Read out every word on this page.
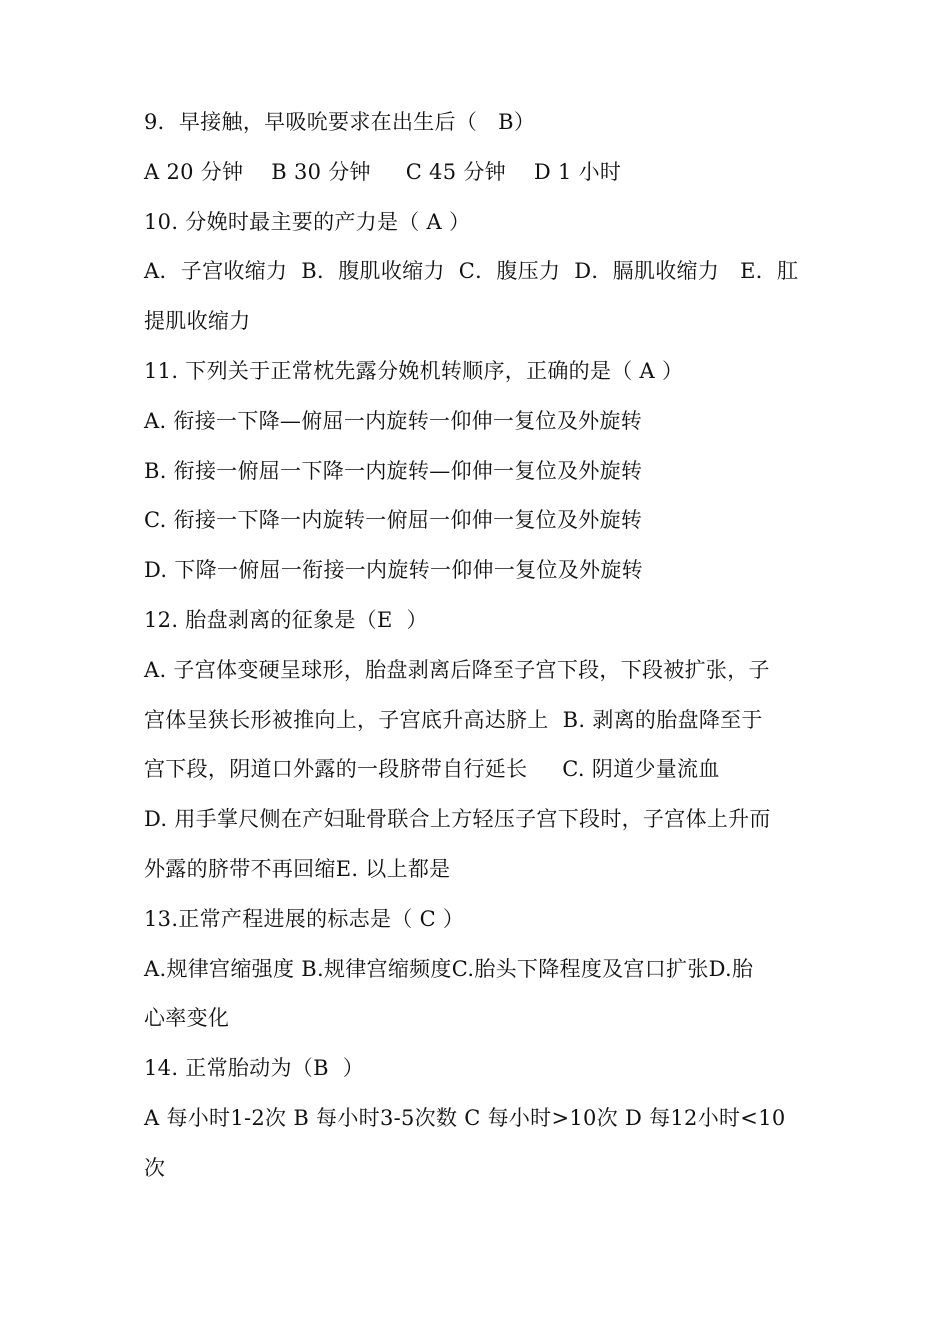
9．早接触，早吸吮要求在出生后（   B）
A 20 分钟    B 30 分钟     C 45 分钟    D 1 小时
10. 分娩时最主要的产力是（ A ）
A．子宫收缩力  B．腹肌收缩力  C．腹压力  D．膈肌收缩力   E．肛
提肌收缩力
11. 下列关于正常枕先露分娩机转顺序，正确的是（ A ）
A. 衔接一下降—俯屈一内旋转一仰伸一复位及外旋转
B. 衔接一俯屈一下降一内旋转—仰伸一复位及外旋转
C. 衔接一下降一内旋转一俯屈一仰伸一复位及外旋转
D. 下降一俯屈一衔接一内旋转一仰伸一复位及外旋转
12. 胎盘剥离的征象是（E  ）
A. 子宫体变硬呈球形，胎盘剥离后降至子宫下段，下段被扩张，子
宫体呈狭长形被推向上，子宫底升高达脐上  B. 剥离的胎盘降至于
宫下段，阴道口外露的一段脐带自行延长     C. 阴道少量流血
D. 用手掌尺侧在产妇耻骨联合上方轻压子宫下段时，子宫体上升而
外露的脐带不再回缩E. 以上都是
13.正常产程进展的标志是（ C ）
A.规律宫缩强度 B.规律宫缩频度C.胎头下降程度及宫口扩张D.胎
心率变化
14. 正常胎动为（B  ）
A 每小时1-2次 B 每小时3-5次数 C 每小时>10次 D 每12小时<10
次
